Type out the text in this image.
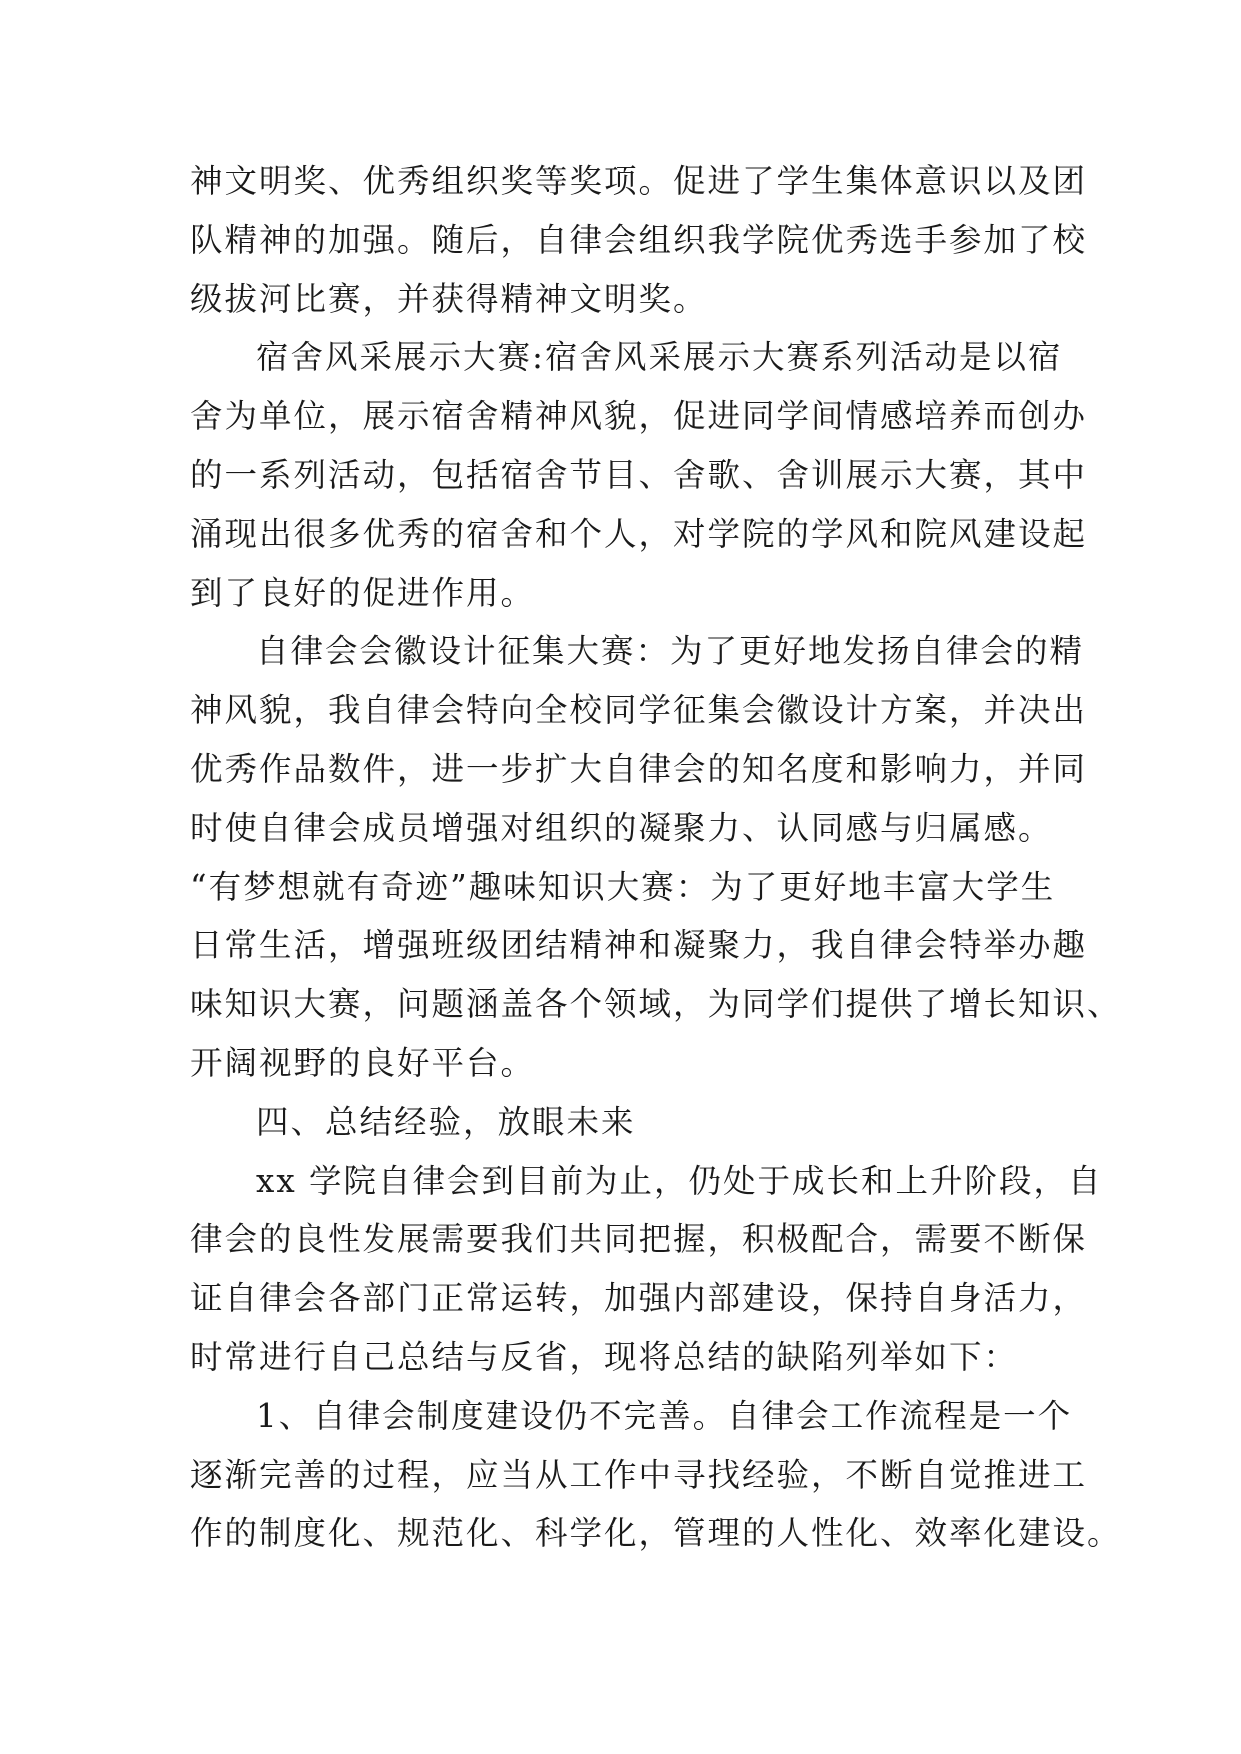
神文明奖、优秀组织奖等奖项。促进了学生集体意识以及团
队精神的加强。随后，自律会组织我学院优秀选手参加了校
级拔河比赛，并获得精神文明奖。
宿舍风采展示大赛:宿舍风采展示大赛系列活动是以宿
舍为单位，展示宿舍精神风貌，促进同学间情感培养而创办
的一系列活动，包括宿舍节目、舍歌、舍训展示大赛，其中
涌现出很多优秀的宿舍和个人，对学院的学风和院风建设起
到了良好的促进作用。
自律会会徽设计征集大赛：为了更好地发扬自律会的精
神风貌，我自律会特向全校同学征集会徽设计方案，并决出
优秀作品数件，进一步扩大自律会的知名度和影响力，并同
时使自律会成员增强对组织的凝聚力、认同感与归属感。
“有梦想就有奇迹”趣味知识大赛：为了更好地丰富大学生
日常生活，增强班级团结精神和凝聚力，我自律会特举办趣
味知识大赛，问题涵盖各个领域，为同学们提供了增长知识、
开阔视野的良好平台。
四、总结经验，放眼未来
xx 学院自律会到目前为止，仍处于成长和上升阶段，自
律会的良性发展需要我们共同把握，积极配合，需要不断保
证自律会各部门正常运转，加强内部建设，保持自身活力，
时常进行自己总结与反省，现将总结的缺陷列举如下：
1、自律会制度建设仍不完善。自律会工作流程是一个
逐渐完善的过程，应当从工作中寻找经验，不断自觉推进工
作的制度化、规范化、科学化，管理的人性化、效率化建设。
